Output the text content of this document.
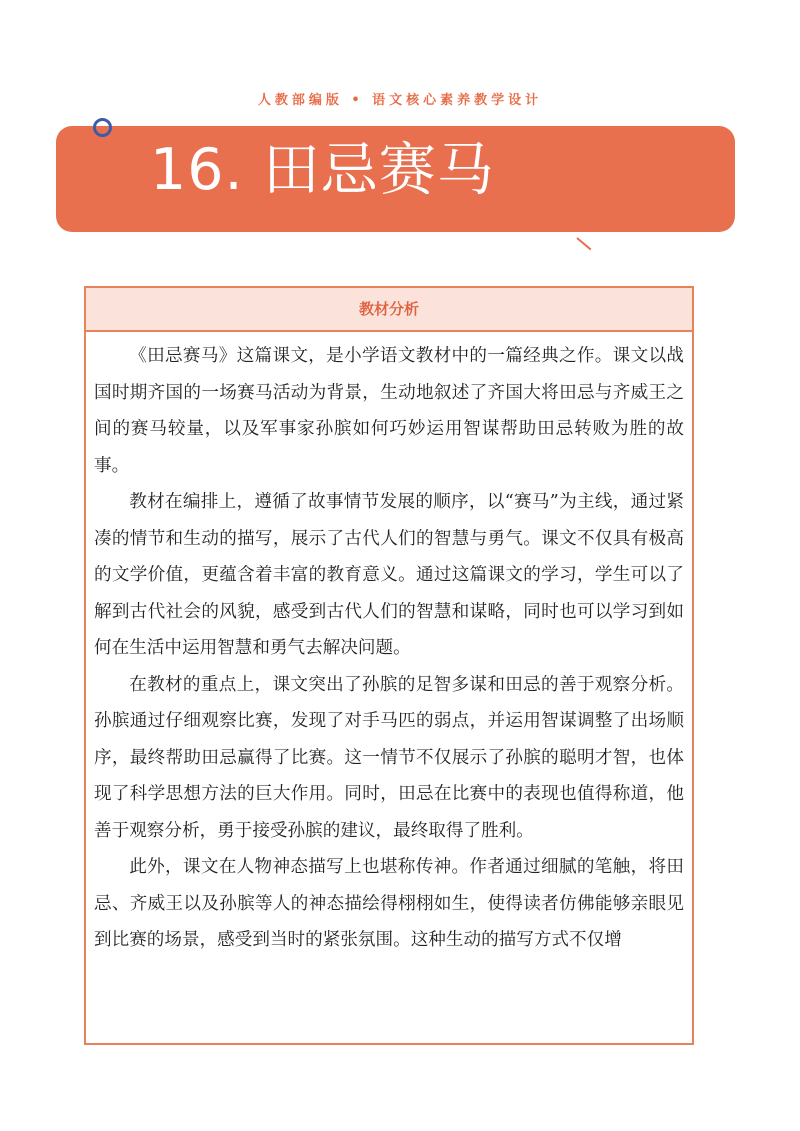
人教部编版 • 语文核心素养教学设计
16. 田忌赛马
教材分析

《田忌赛马》这篇课文，是小学语文教材中的一篇经典之作。课文以战国时期齐国的一场赛马活动为背景，生动地叙述了齐国大将田忌与齐威王之间的赛马较量，以及军事家孙膑如何巧妙运用智谋帮助田忌转败为胜的故事。

教材在编排上，遵循了故事情节发展的顺序，以“赛马”为主线，通过紧凑的情节和生动的描写，展示了古代人们的智慧与勇气。课文不仅具有极高的文学价值，更蕴含着丰富的教育意义。通过这篇课文的学习，学生可以了解到古代社会的风貌，感受到古代人们的智慧和谋略，同时也可以学习到如何在生活中运用智慧和勇气去解决问题。

在教材的重点上，课文突出了孙膑的足智多谋和田忌的善于观察分析。孙膑通过仔细观察比赛，发现了对手马匹的弱点，并运用智谋调整了出场顺序，最终帮助田忌赢得了比赛。这一情节不仅展示了孙膑的聪明才智，也体现了科学思想方法的巨大作用。同时，田忌在比赛中的表现也值得称道，他善于观察分析，勇于接受孙膑的建议，最终取得了胜利。

此外，课文在人物神态描写上也堪称传神。作者通过细腻的笔触，将田忌、齐威王以及孙膑等人的神态描绘得栩栩如生，使得读者仿佛能够亲眼见到比赛的场景，感受到当时的紧张氛围。这种生动的描写方式不仅增
